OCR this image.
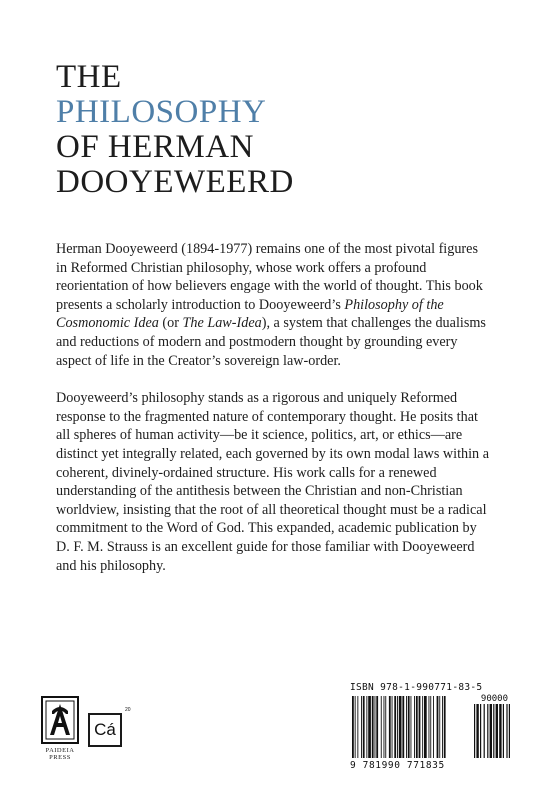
THE
PHILOSOPHY
OF HERMAN
DOOYEWEERD

Herman Dooyeweerd (1894-1977) remains one of the most pivotal figures in Reformed Christian philosophy, whose work offers a profound reorientation of how believers engage with the world of thought. This book presents a scholarly introduction to Dooyeweerd’s Philosophy of the Cosmonomic Idea (or The Law-Idea), a system that challenges the dualisms and reductions of modern and postmodern thought by grounding every aspect of life in the Creator’s sovereign law-order.

Dooyeweerd’s philosophy stands as a rigorous and uniquely Reformed response to the fragmented nature of contemporary thought. He posits that all spheres of human activity—be it science, politics, art, or ethics—are distinct yet integrally related, each governed by its own modal laws within a coherent, divinely-ordained structure. His work calls for a renewed understanding of the antithesis between the Christian and non-Christian worldview, insisting that the root of all theoretical thought must be a radical commitment to the Word of God. This expanded, academic publication by D. F. M. Strauss is an excellent guide for those familiar with Dooyeweerd and his philosophy.

PAIDEIA
PRESS
Cá
20
ISBN 978-1-990771-83-5
90000
9 781990 771835
